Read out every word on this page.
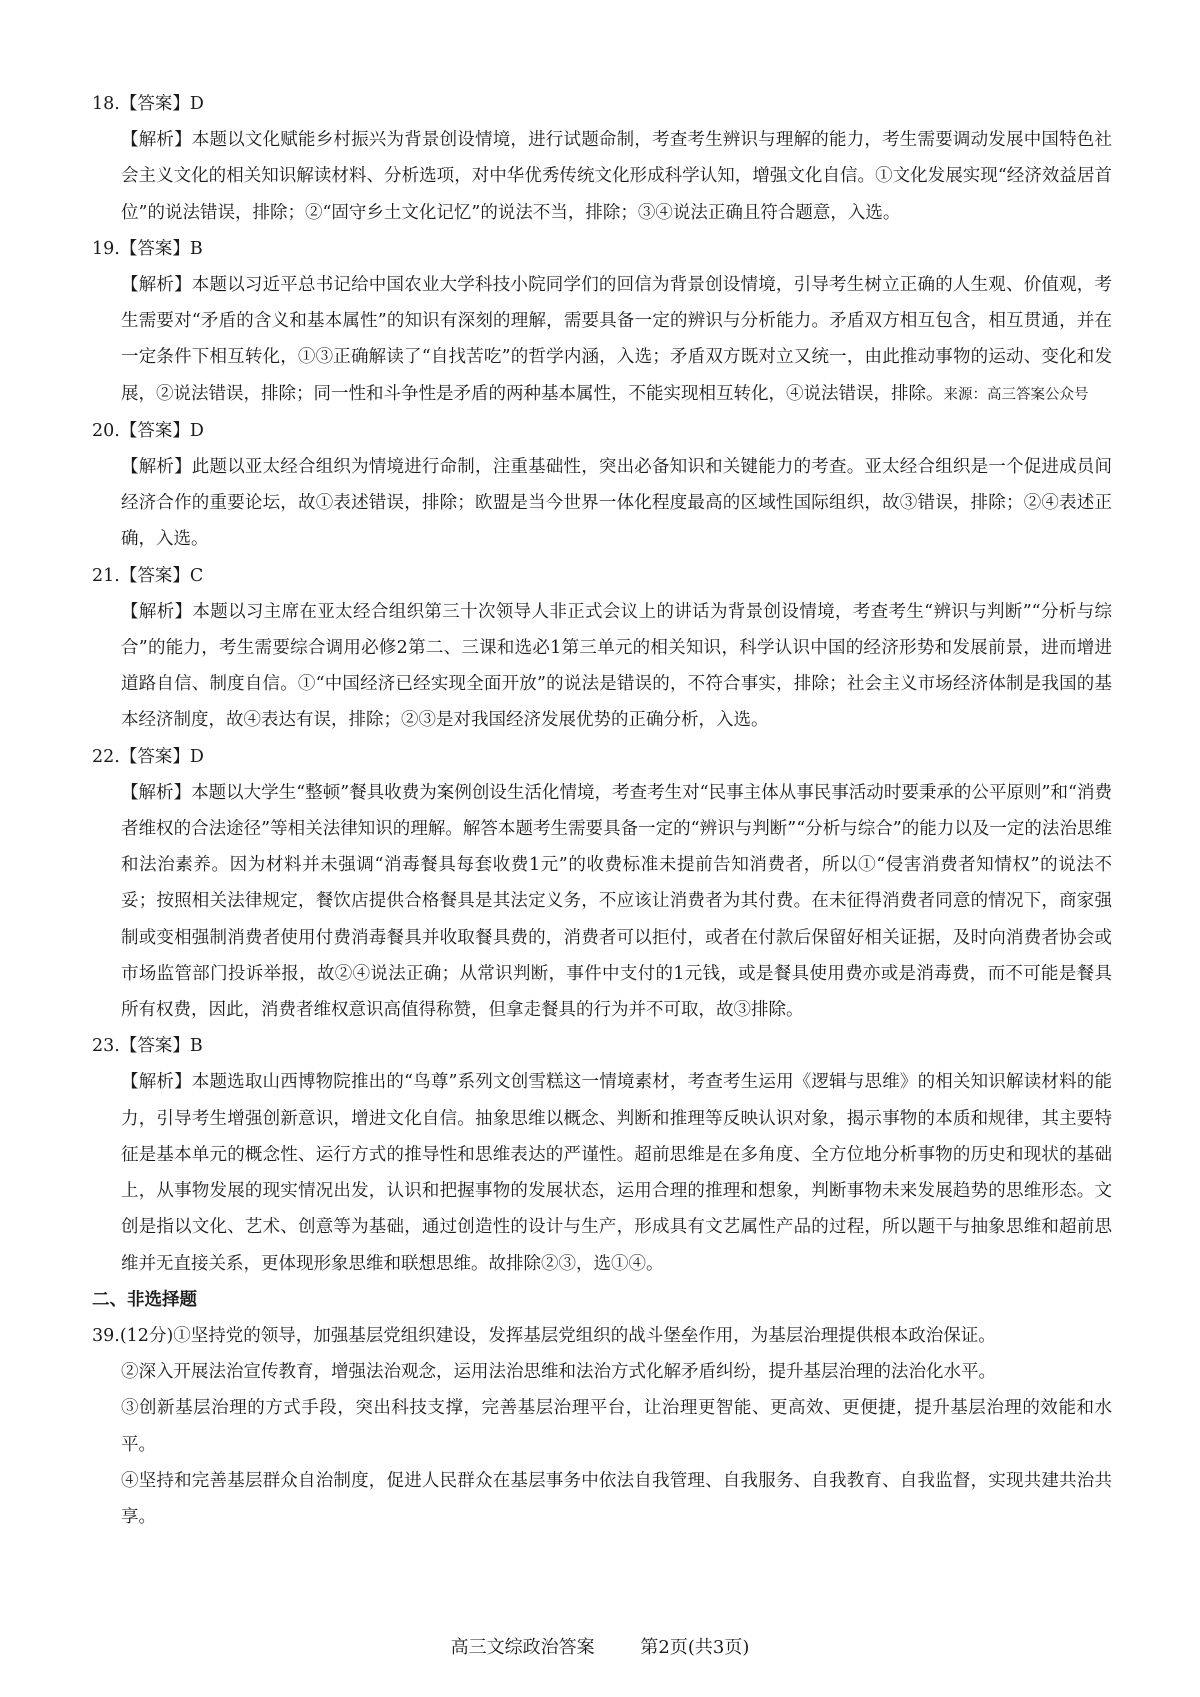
18.【答案】D

【解析】本题以文化赋能乡村振兴为背景创设情境，进行试题命制，考查考生辨识与理解的能力，考生需要调动发展中国特色社会主义文化的相关知识解读材料、分析选项，对中华优秀传统文化形成科学认知，增强文化自信。①文化发展实现“经济效益居首位”的说法错误，排除；②“固守乡土文化记忆”的说法不当，排除；③④说法正确且符合题意，入选。

19.【答案】B

【解析】本题以习近平总书记给中国农业大学科技小院同学们的回信为背景创设情境，引导考生树立正确的人生观、价值观，考生需要对“矛盾的含义和基本属性”的知识有深刻的理解，需要具备一定的辨识与分析能力。矛盾双方相互包含，相互贯通，并在一定条件下相互转化，①③正确解读了“自找苦吃”的哲学内涵，入选；矛盾双方既对立又统一，由此推动事物的运动、变化和发展，②说法错误，排除；同一性和斗争性是矛盾的两种基本属性，不能实现相互转化，④说法错误，排除。来源：高三答案公众号

20.【答案】D

【解析】此题以亚太经合组织为情境进行命制，注重基础性，突出必备知识和关键能力的考查。亚太经合组织是一个促进成员间经济合作的重要论坛，故①表述错误，排除；欧盟是当今世界一体化程度最高的区域性国际组织，故③错误，排除；②④表述正确，入选。

21.【答案】C

【解析】本题以习主席在亚太经合组织第三十次领导人非正式会议上的讲话为背景创设情境，考查考生“辨识与判断”“分析与综合”的能力，考生需要综合调用必修2第二、三课和选必1第三单元的相关知识，科学认识中国的经济形势和发展前景，进而增进道路自信、制度自信。①“中国经济已经实现全面开放”的说法是错误的，不符合事实，排除；社会主义市场经济体制是我国的基本经济制度，故④表达有误，排除；②③是对我国经济发展优势的正确分析，入选。

22.【答案】D

【解析】本题以大学生“整顿”餐具收费为案例创设生活化情境，考查考生对“民事主体从事民事活动时要秉承的公平原则”和“消费者维权的合法途径”等相关法律知识的理解。解答本题考生需要具备一定的“辨识与判断”“分析与综合”的能力以及一定的法治思维和法治素养。因为材料并未强调“消毒餐具每套收费1元”的收费标准未提前告知消费者，所以①“侵害消费者知情权”的说法不妥；按照相关法律规定，餐饮店提供合格餐具是其法定义务，不应该让消费者为其付费。在未征得消费者同意的情况下，商家强制或变相强制消费者使用付费消毒餐具并收取餐具费的，消费者可以拒付，或者在付款后保留好相关证据，及时向消费者协会或市场监管部门投诉举报，故②④说法正确；从常识判断，事件中支付的1元钱，或是餐具使用费亦或是消毒费，而不可能是餐具所有权费，因此，消费者维权意识高值得称赞，但拿走餐具的行为并不可取，故③排除。

23.【答案】B

【解析】本题选取山西博物院推出的“鸟尊”系列文创雪糕这一情境素材，考查考生运用《逻辑与思维》的相关知识解读材料的能力，引导考生增强创新意识，增进文化自信。抽象思维以概念、判断和推理等反映认识对象，揭示事物的本质和规律，其主要特征是基本单元的概念性、运行方式的推导性和思维表达的严谨性。超前思维是在多角度、全方位地分析事物的历史和现状的基础上，从事物发展的现实情况出发，认识和把握事物的发展状态，运用合理的推理和想象，判断事物未来发展趋势的思维形态。文创是指以文化、艺术、创意等为基础，通过创造性的设计与生产，形成具有文艺属性产品的过程，所以题干与抽象思维和超前思维并无直接关系，更体现形象思维和联想思维。故排除②③，选①④。

二、非选择题

39.(12分)①坚持党的领导，加强基层党组织建设，发挥基层党组织的战斗堡垒作用，为基层治理提供根本政治保证。

②深入开展法治宣传教育，增强法治观念，运用法治思维和法治方式化解矛盾纠纷，提升基层治理的法治化水平。

③创新基层治理的方式手段，突出科技支撑，完善基层治理平台，让治理更智能、更高效、更便捷，提升基层治理的效能和水平。

④坚持和完善基层群众自治制度，促进人民群众在基层事务中依法自我管理、自我服务、自我教育、自我监督，实现共建共治共享。

高三文综政治答案	第2页(共3页)
